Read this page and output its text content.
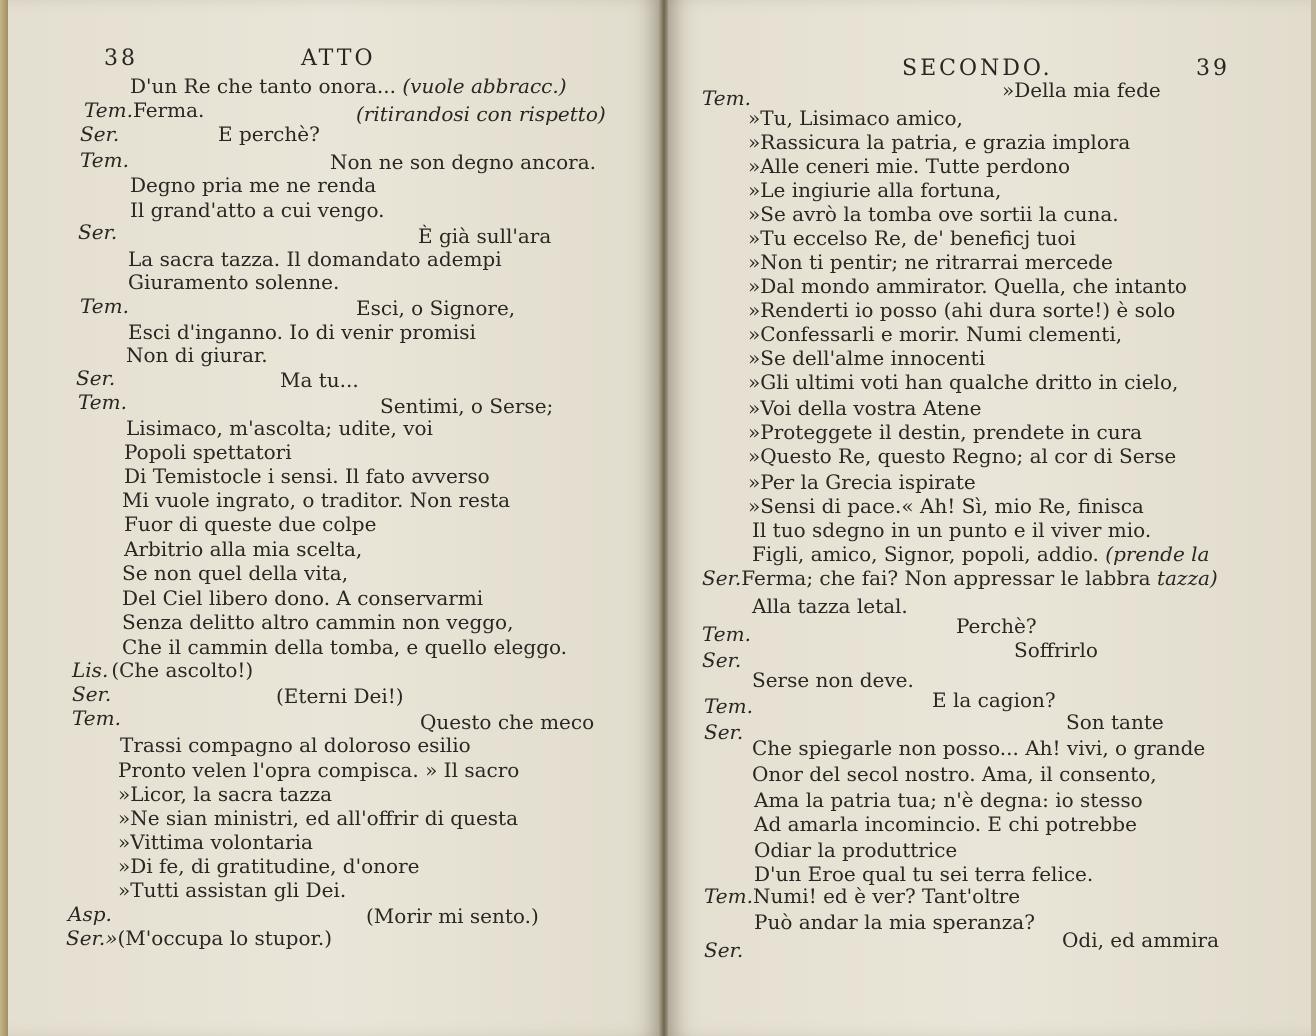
38	ATTO
D'un Re che tanto onora... (vuole abbracc.)
Tem.Ferma.	(ritirandosi con rispetto)
Ser.	E perchè?
Tem.	Non ne son degno ancora.
Degno pria me ne renda
Il grand'atto a cui vengo.
Ser.	È già sull'ara
La sacra tazza. Il domandato adempi
Giuramento solenne.
Tem.	Esci, o Signore,
Esci d'inganno. Io di venir promisi
Non di giurar.
Ser.	Ma tu...
Tem.	Sentimi, o Serse;
Lisimaco, m'ascolta; udite, voi
Popoli spettatori
Di Temistocle i sensi. Il fato avverso
Mi vuole ingrato, o traditor. Non resta
Fuor di queste due colpe
Arbitrio alla mia scelta,
Se non quel della vita,
Del Ciel libero dono. A conservarmi
Senza delitto altro cammin non veggo,
Che il cammin della tomba, e quello eleggo.
Lis. (Che ascolto!)
Ser.	(Eterni Dei!)
Tem.	Questo che meco
Trassi compagno al doloroso esilio
Pronto velen l'opra compisca. » Il sacro
»Licor, la sacra tazza
»Ne sian ministri, ed all'offrir di questa
»Vittima volontaria
»Di fe, di gratitudine, d'onore
»Tutti assistan gli Dei.
Asp.	(Morir mi sento.)
Ser.»(M'occupa lo stupor.)
SECONDO.	39
Tem.	»Della mia fede
»Tu, Lisimaco amico,
»Rassicura la patria, e grazia implora
»Alle ceneri mie. Tutte perdono
»Le ingiurie alla fortuna,
»Se avrò la tomba ove sortii la cuna.
»Tu eccelso Re, de' beneficj tuoi
»Non ti pentir; ne ritrarrai mercede
»Dal mondo ammirator. Quella, che intanto
»Renderti io posso (ahi dura sorte!) è solo
»Confessarli e morir. Numi clementi,
»Se dell'alme innocenti
»Gli ultimi voti han qualche dritto in cielo,
»Voi della vostra Atene
»Proteggete il destin, prendete in cura
»Questo Re, questo Regno; al cor di Serse
»Per la Grecia ispirate
»Sensi di pace.« Ah! Sì, mio Re, finisca
Il tuo sdegno in un punto e il viver mio.
Figli, amico, Signor, popoli, addio. (prende la
Ser.Ferma; che fai? Non appressar le labbra tazza)
Alla tazza letal.
Tem.	Perchè?
Ser.	Soffrirlo
Serse non deve.
Tem.	E la cagion?
Ser.	Son tante
Che spiegarle non posso... Ah! vivi, o grande
Onor del secol nostro. Ama, il consento,
Ama la patria tua; n'è degna: io stesso
Ad amarla incomincio. E chi potrebbe
Odiar la produttrice
D'un Eroe qual tu sei terra felice.
Tem.Numi! ed è ver? Tant'oltre
Può andar la mia speranza?
Ser.	Odi, ed ammira
